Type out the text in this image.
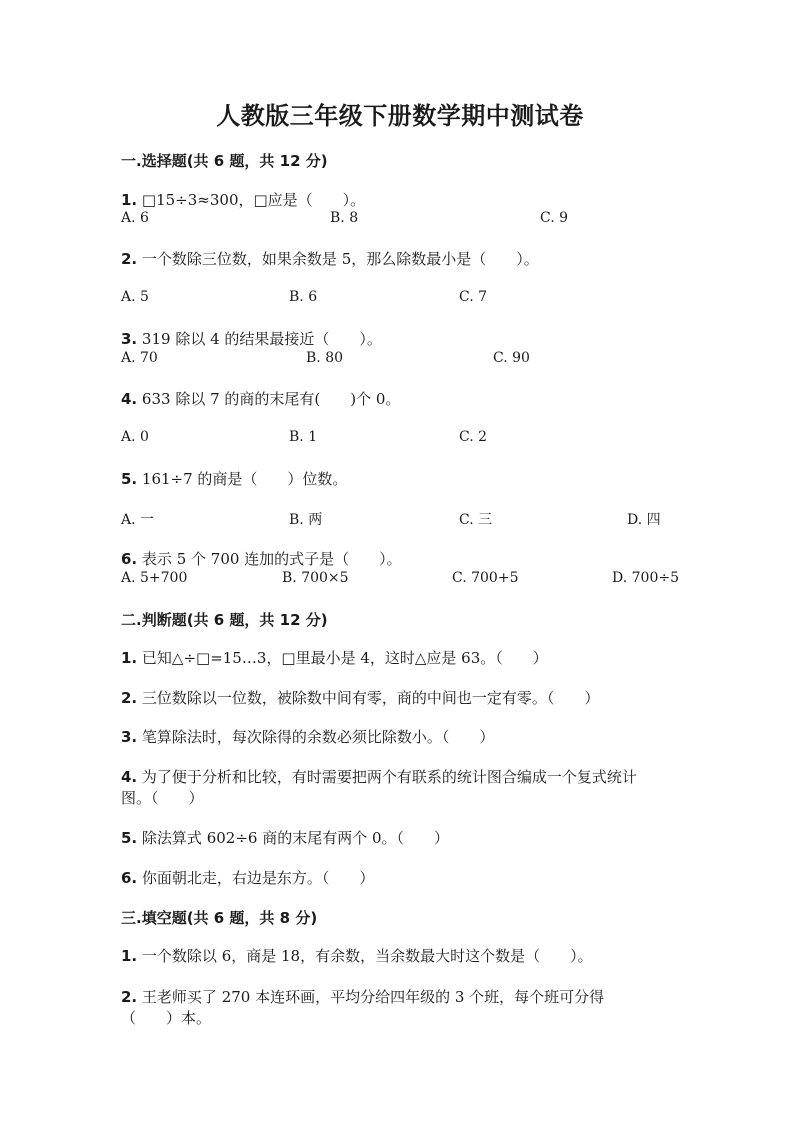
人教版三年级下册数学期中测试卷
一.选择题(共 6 题，共 12 分)
1. □15÷3≈300，□应是（　　）。
A. 6	B. 8	C. 9
2. 一个数除三位数，如果余数是 5，那么除数最小是（　　）。
A. 5	B. 6	C. 7
3. 319 除以 4 的结果最接近（　　）。
A. 70	B. 80	C. 90
4. 633 除以 7 的商的末尾有(　　)个 0。
A. 0	B. 1	C. 2
5. 161÷7 的商是（　　）位数。
A. 一	B. 两	C. 三	D. 四
6. 表示 5 个 700 连加的式子是（　　）。
A. 5+700	B. 700×5	C. 700+5	D. 700÷5
二.判断题(共 6 题，共 12 分)
1. 已知△÷□=15…3，□里最小是 4，这时△应是 63。（　　）
2. 三位数除以一位数，被除数中间有零，商的中间也一定有零。（　　）
3. 笔算除法时，每次除得的余数必须比除数小。（　　）
4. 为了便于分析和比较，有时需要把两个有联系的统计图合编成一个复式统计
图。（　　）
5. 除法算式 602÷6 商的末尾有两个 0。（　　）
6. 你面朝北走，右边是东方。（　　）
三.填空题(共 6 题，共 8 分)
1. 一个数除以 6，商是 18，有余数，当余数最大时这个数是（　　）。
2. 王老师买了 270 本连环画，平均分给四年级的 3 个班，每个班可分得
（　　）本。
